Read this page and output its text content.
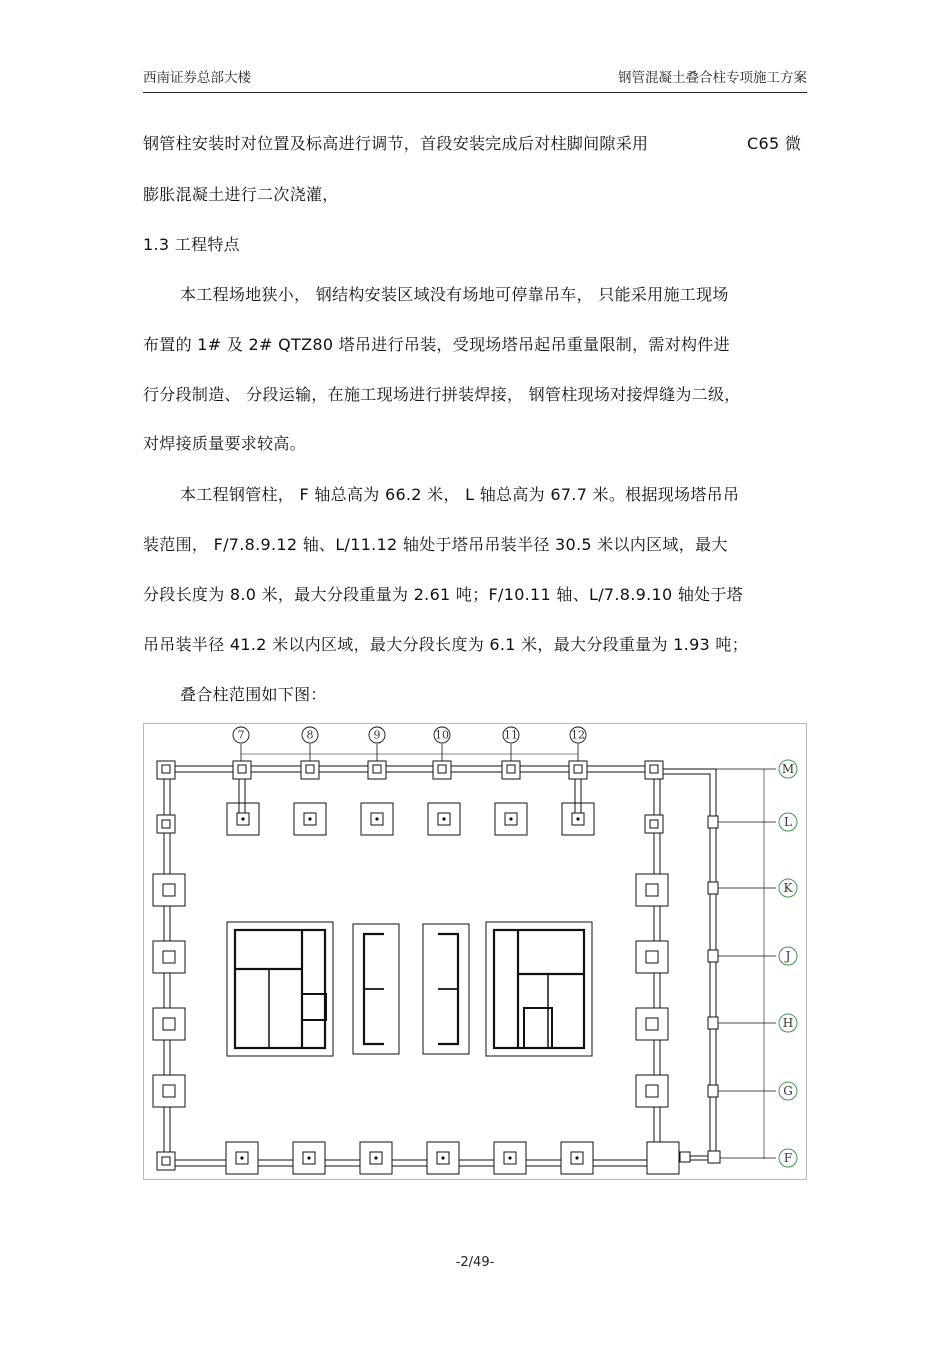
西南证券总部大楼	钢管混凝土叠合柱专项施工方案
钢管柱安装时对位置及标高进行调节，首段安装完成后对柱脚间隙采用	C65 微
膨胀混凝土进行二次浇灌，
1.3 工程特点
本工程场地狭小， 钢结构安装区域没有场地可停靠吊车， 只能采用施工现场
布置的 1# 及 2# QTZ80 塔吊进行吊装，受现场塔吊起吊重量限制，需对构件进
行分段制造、 分段运输，在施工现场进行拼装焊接， 钢管柱现场对接焊缝为二级，
对焊接质量要求较高。
本工程钢管柱， F 轴总高为 66.2 米， L 轴总高为 67.7 米。根据现场塔吊吊
装范围， F/7.8.9.12 轴、L/11.12 轴处于塔吊吊装半径 30.5 米以内区域，最大
分段长度为 8.0 米，最大分段重量为 2.61 吨；F/10.11 轴、L/7.8.9.10 轴处于塔
吊吊装半径 41.2 米以内区域，最大分段长度为 6.1 米，最大分段重量为 1.93 吨；
叠合柱范围如下图：
7	8	9	10	11	12
M
L
K
J
H
G
F
-2/49-
